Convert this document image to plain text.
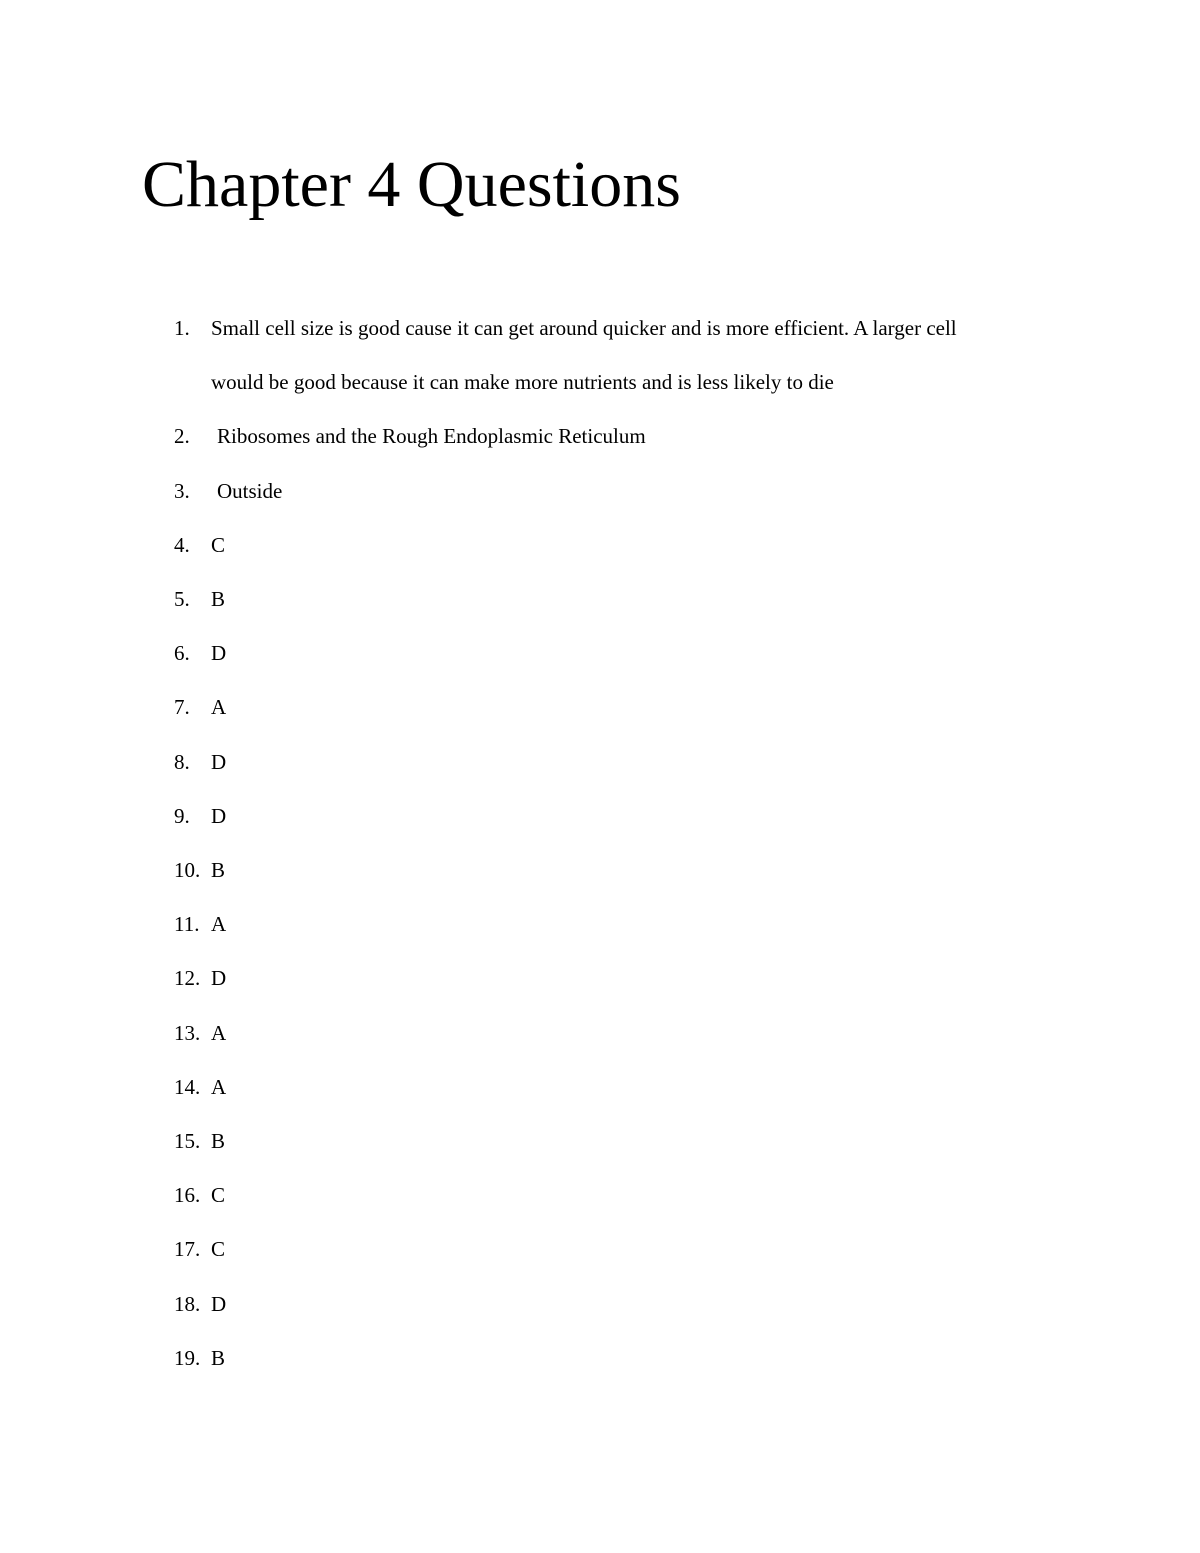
Chapter 4 Questions
1. Small cell size is good cause it can get around quicker and is more efficient. A larger cell
would be good because it can make more nutrients and is less likely to die
2. Ribosomes and the Rough Endoplasmic Reticulum
3. Outside
4. C
5. B
6. D
7. A
8. D
9. D
10. B
11. A
12. D
13. A
14. A
15. B
16. C
17. C
18. D
19. B
